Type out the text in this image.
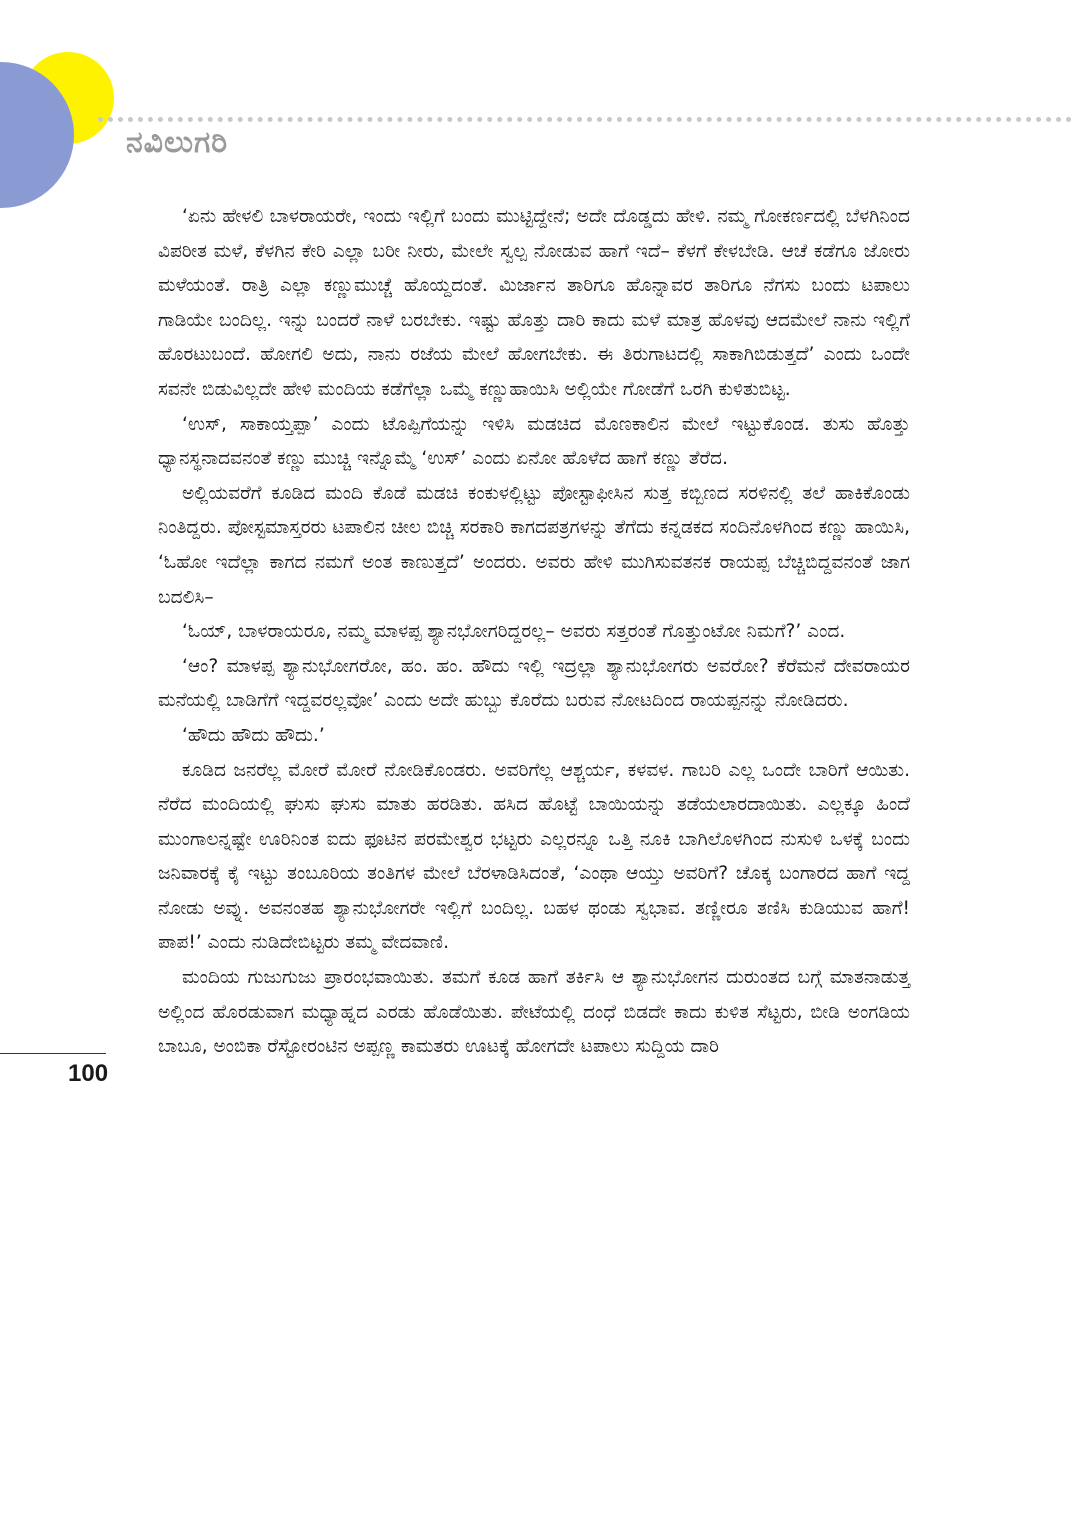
ನವಿಲುಗರಿ

‘ಏನು ಹೇಳಲಿ ಬಾಳರಾಯರೇ, ಇಂದು ಇಲ್ಲಿಗೆ ಬಂದು ಮುಟ್ಟಿದ್ದೇನೆ; ಅದೇ ದೊಡ್ಡದು ಹೇಳಿ. ನಮ್ಮ ಗೋಕರ್ಣದಲ್ಲಿ ಬೆಳಗಿನಿಂದ ವಿಪರೀತ ಮಳೆ, ಕೆಳಗಿನ ಕೇರಿ ಎಲ್ಲಾ ಬರೀ ನೀರು, ಮೇಲೇ ಸ್ವಲ್ಪ ನೋಡುವ ಹಾಗೆ ಇದೆ– ಕೆಳಗೆ ಕೇಳಬೇಡಿ. ಆಚೆ ಕಡೆಗೂ ಜೋರು ಮಳೆಯಂತೆ. ರಾತ್ರಿ ಎಲ್ಲಾ ಕಣ್ಣುಮುಚ್ಚೆ ಹೊಯ್ದದಂತೆ. ಮಿರ್ಜಾನ ತಾರಿಗೂ ಹೊನ್ನಾವರ ತಾರಿಗೂ ನೆಗಸು ಬಂದು ಟಪಾಲು ಗಾಡಿಯೇ ಬಂದಿಲ್ಲ. ಇನ್ನು ಬಂದರೆ ನಾಳೆ ಬರಬೇಕು. ಇಷ್ಟು ಹೊತ್ತು ದಾರಿ ಕಾದು ಮಳೆ ಮಾತ್ರ ಹೊಳವು ಆದಮೇಲೆ ನಾನು ಇಲ್ಲಿಗೆ ಹೊರಟುಬಂದೆ. ಹೋಗಲಿ ಅದು, ನಾನು ರಜೆಯ ಮೇಲೆ ಹೋಗಬೇಕು. ಈ ತಿರುಗಾಟದಲ್ಲಿ ಸಾಕಾಗಿಬಿಡುತ್ತದೆ’ ಎಂದು ಒಂದೇ ಸವನೇ ಬಿಡುವಿಲ್ಲದೇ ಹೇಳಿ ಮಂದಿಯ ಕಡೆಗೆಲ್ಲಾ ಒಮ್ಮೆ ಕಣ್ಣುಹಾಯಿಸಿ ಅಲ್ಲಿಯೇ ಗೋಡೆಗೆ ಒರಗಿ ಕುಳಿತುಬಿಟ್ಟ.

‘ಉಸ್, ಸಾಕಾಯ್ತಪ್ಪಾ’ ಎಂದು ಟೊಪ್ಪಿಗೆಯನ್ನು ಇಳಿಸಿ ಮಡಚಿದ ಮೊಣಕಾಲಿನ ಮೇಲೆ ಇಟ್ಟುಕೊಂಡ. ತುಸು ಹೊತ್ತು ಧ್ಯಾನಸ್ಥನಾದವನಂತೆ ಕಣ್ಣು ಮುಚ್ಚಿ ಇನ್ನೊಮ್ಮೆ ‘ಉಸ್’ ಎಂದು ಏನೋ ಹೊಳೆದ ಹಾಗೆ ಕಣ್ಣು ತೆರೆದ.

ಅಲ್ಲಿಯವರೆಗೆ ಕೂಡಿದ ಮಂದಿ ಕೊಡೆ ಮಡಚಿ ಕಂಕುಳಲ್ಲಿಟ್ಟು ಪೋಸ್ಟಾಫೀಸಿನ ಸುತ್ತ ಕಬ್ಬಿಣದ ಸರಳಿನಲ್ಲಿ ತಲೆ ಹಾಕಿಕೊಂಡು ನಿಂತಿದ್ದರು. ಪೋಸ್ಟಮಾಸ್ತರರು ಟಪಾಲಿನ ಚೀಲ ಬಿಚ್ಚಿ ಸರಕಾರಿ ಕಾಗದಪತ್ರಗಳನ್ನು ತೆಗೆದು ಕನ್ನಡಕದ ಸಂದಿನೊಳಗಿಂದ ಕಣ್ಣು ಹಾಯಿಸಿ, ‘ಓಹೋ ಇದೆಲ್ಲಾ ಕಾಗದ ನಮಗೆ ಅಂತ ಕಾಣುತ್ತದೆ’ ಅಂದರು. ಅವರು ಹೇಳಿ ಮುಗಿಸುವತನಕ ರಾಯಪ್ಪ ಬೆಚ್ಚಿಬಿದ್ದವನಂತೆ ಜಾಗ ಬದಲಿಸಿ–

‘ಓಯ್, ಬಾಳರಾಯರೂ, ನಮ್ಮ ಮಾಳಪ್ಪ ಶ್ಯಾನಭೋಗರಿದ್ದರಲ್ಲ– ಅವರು ಸತ್ತರಂತೆ ಗೊತ್ತುಂಟೋ ನಿಮಗೆ?’ ಎಂದ.

‘ಆಂ? ಮಾಳಪ್ಪ ಶ್ಯಾನುಭೋಗರೋ, ಹಂ. ಹಂ. ಹೌದು ಇಲ್ಲಿ ಇದ್ರಲ್ಲಾ ಶ್ಯಾನುಭೋಗರು ಅವರೋ? ಕೆರೆಮನೆ ದೇವರಾಯರ ಮನೆಯಲ್ಲಿ ಬಾಡಿಗೆಗೆ ಇದ್ದವರಲ್ಲವೋ’ ಎಂದು ಅದೇ ಹುಬ್ಬು ಕೊರೆದು ಬರುವ ನೋಟದಿಂದ ರಾಯಪ್ಪನನ್ನು ನೋಡಿದರು.

‘ಹೌದು ಹೌದು ಹೌದು.’

ಕೂಡಿದ ಜನರೆಲ್ಲ ಮೋರೆ ಮೋರೆ ನೋಡಿಕೊಂಡರು. ಅವರಿಗೆಲ್ಲ ಆಶ್ಚರ್ಯ, ಕಳವಳ. ಗಾಬರಿ ಎಲ್ಲ ಒಂದೇ ಬಾರಿಗೆ ಆಯಿತು. ನೆರೆದ ಮಂದಿಯಲ್ಲಿ ಘುಸು ಘುಸು ಮಾತು ಹರಡಿತು. ಹಸಿದ ಹೊಟ್ಟೆ ಬಾಯಿಯನ್ನು ತಡೆಯಲಾರದಾಯಿತು. ಎಲ್ಲಕ್ಕೂ ಹಿಂದೆ ಮುಂಗಾಲನ್ನಷ್ಟೇ ಊರಿನಿಂತ ಐದು ಫೂಟಿನ ಪರಮೇಶ್ವರ ಭಟ್ಟರು ಎಲ್ಲರನ್ನೂ ಒತ್ತಿ ನೂಕಿ ಬಾಗಿಲೊಳಗಿಂದ ನುಸುಳಿ ಒಳಕ್ಕೆ ಬಂದು ಜನಿವಾರಕ್ಕೆ ಕೈ ಇಟ್ಟು ತಂಬೂರಿಯ ತಂತಿಗಳ ಮೇಲೆ ಬೆರಳಾಡಿಸಿದಂತೆ, ‘ಎಂಥಾ ಆಯ್ತು ಅವರಿಗೆ? ಚೊಕ್ಕ ಬಂಗಾರದ ಹಾಗೆ ಇದ್ದ ನೋಡು ಅವ್ನು. ಅವನಂತಹ ಶ್ಯಾನುಭೋಗರೇ ಇಲ್ಲಿಗೆ ಬಂದಿಲ್ಲ. ಬಹಳ ಥಂಡು ಸ್ವಭಾವ. ತಣ್ಣೀರೂ ತಣಿಸಿ ಕುಡಿಯುವ ಹಾಗೆ! ಪಾಪ!’ ಎಂದು ನುಡಿದೇಬಿಟ್ಟರು ತಮ್ಮ ವೇದವಾಣಿ.

ಮಂದಿಯ ಗುಜುಗುಜು ಪ್ರಾರಂಭವಾಯಿತು. ತಮಗೆ ಕೂಡ ಹಾಗೆ ತರ್ಕಿಸಿ ಆ ಶ್ಯಾನುಭೋಗನ ದುರುಂತದ ಬಗ್ಗೆ ಮಾತನಾಡುತ್ತ ಅಲ್ಲಿಂದ ಹೊರಡುವಾಗ ಮಧ್ಯಾಹ್ನದ ಎರಡು ಹೊಡೆಯಿತು. ಪೇಟೆಯಲ್ಲಿ ದಂಧೆ ಬಿಡದೇ ಕಾದು ಕುಳಿತ ಸೆಟ್ಟರು, ಬೀಡಿ ಅಂಗಡಿಯ ಬಾಬೂ, ಅಂಬಿಕಾ ರೆಸ್ಟೋರಂಟಿನ ಅಪ್ಪಣ್ಣ ಕಾಮತರು ಊಟಕ್ಕೆ ಹೋಗದೇ ಟಪಾಲು ಸುದ್ದಿಯ ದಾರಿ

100
